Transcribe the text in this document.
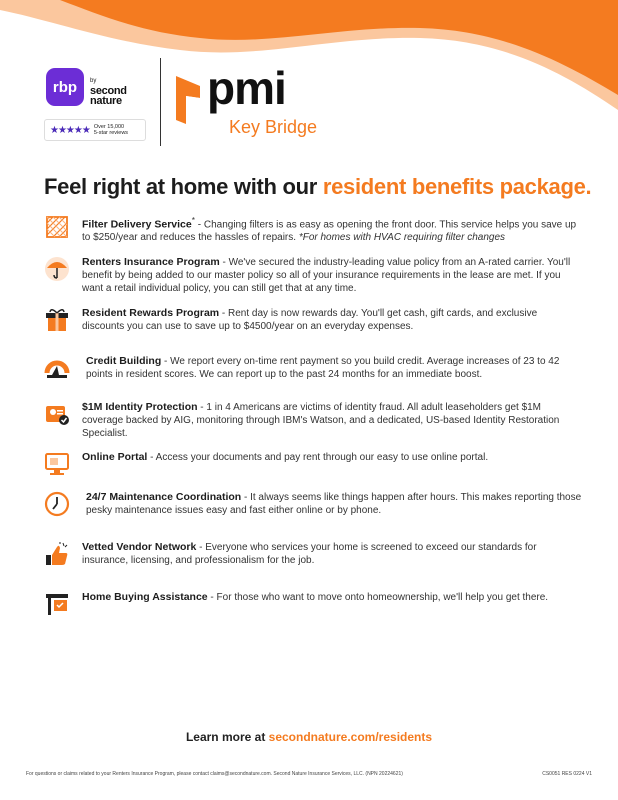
rbp by
second nature
★★★★★ Over 15,000
5-star reviews
pmi
Key Bridge
Feel right at home with our resident benefits package.
Filter Delivery Service* - Changing filters is as easy as opening the front door. This service helps you save up to $250/year and reduces the hassles of repairs. *For homes with HVAC requiring filter changes
Renters Insurance Program - We've secured the industry-leading value policy from an A-rated carrier. You'll benefit by being added to our master policy so all of your insurance requirements in the lease are met. If you want a retail individual policy, you can still get that at any time.
Resident Rewards Program - Rent day is now rewards day. You'll get cash, gift cards, and exclusive discounts you can use to save up to $4500/year on an everyday expenses.
Credit Building - We report every on-time rent payment so you build credit. Average increases of 23 to 42 points in resident scores. We can report up to the past 24 months for an immediate boost.
$1M Identity Protection - 1 in 4 Americans are victims of identity fraud. All adult leaseholders get $1M coverage backed by AIG, monitoring through IBM's Watson, and a dedicated, US-based Identity Restoration Specialist.
Online Portal - Access your documents and pay rent through our easy to use online portal.
24/7 Maintenance Coordination - It always seems like things happen after hours. This makes reporting those pesky maintenance issues easy and fast either online or by phone.
Vetted Vendor Network - Everyone who services your home is screened to exceed our standards for insurance, licensing, and professionalism for the job.
Home Buying Assistance - For those who want to move onto homeownership, we'll help you get there.
Learn more at secondnature.com/residents
For questions or claims related to your Renters Insurance Program, please contact claims@secondnature.com. Second Nature Insurance Services, LLC. (NPN 20224621)	CS0051 RES 0224 V1
